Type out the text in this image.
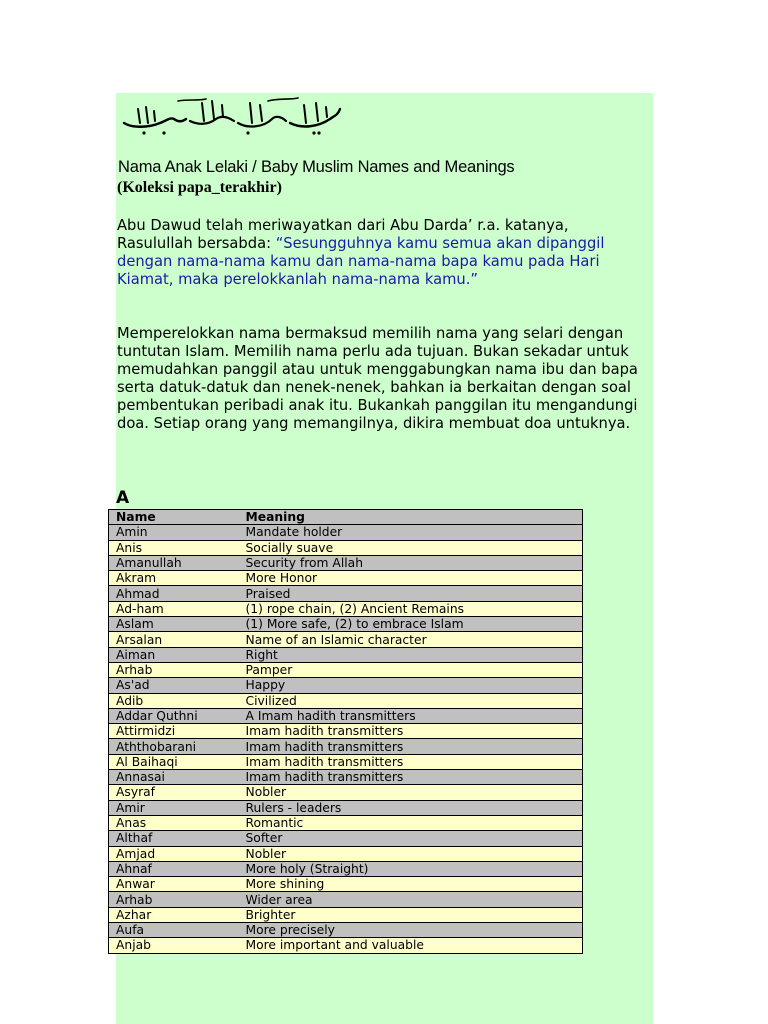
Nama Anak Lelaki / Baby Muslim Names and Meanings
(Koleksi papa_terakhir)

Abu Dawud telah meriwayatkan dari Abu Darda’ r.a. katanya, Rasulullah bersabda: “Sesungguhnya kamu semua akan dipanggil dengan nama-nama kamu dan nama-nama bapa kamu pada Hari Kiamat, maka perelokkanlah nama-nama kamu.”

Memperelokkan nama bermaksud memilih nama yang selari dengan tuntutan Islam. Memilih nama perlu ada tujuan. Bukan sekadar untuk memudahkan panggil atau untuk menggabungkan nama ibu dan bapa serta datuk-datuk dan nenek-nenek, bahkan ia berkaitan dengan soal pembentukan peribadi anak itu. Bukankah panggilan itu mengandungi doa. Setiap orang yang memangilnya, dikira membuat doa untuknya.

A
Name	Meaning
Amin	Mandate holder
Anis	Socially suave
Amanullah	Security from Allah
Akram	More Honor
Ahmad	Praised
Ad-ham	(1) rope chain, (2) Ancient Remains
Aslam	(1) More safe, (2) to embrace Islam
Arsalan	Name of an Islamic character
Aiman	Right
Arhab	Pamper
As'ad	Happy
Adib	Civilized
Addar Quthni	A Imam hadith transmitters
Attirmidzi	Imam hadith transmitters
Aththobarani	Imam hadith transmitters
Al Baihaqi	Imam hadith transmitters
Annasai	Imam hadith transmitters
Asyraf	Nobler
Amir	Rulers - leaders
Anas	Romantic
Althaf	Softer
Amjad	Nobler
Ahnaf	More holy (Straight)
Anwar	More shining
Arhab	Wider area
Azhar	Brighter
Aufa	More precisely
Anjab	More important and valuable
